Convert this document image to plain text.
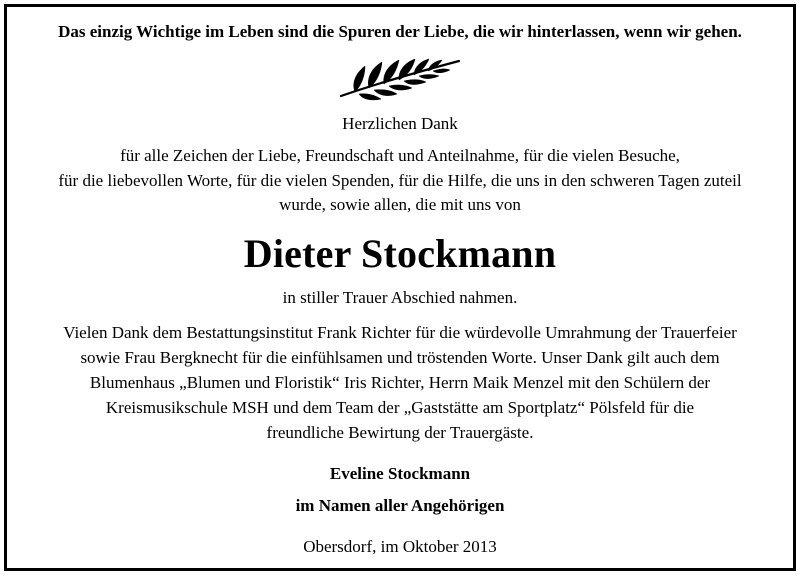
Das einzig Wichtige im Leben sind die Spuren der Liebe, die wir hinterlassen, wenn wir gehen.
Herzlichen Dank
für alle Zeichen der Liebe, Freundschaft und Anteilnahme, für die vielen Besuche,
für die liebevollen Worte, für die vielen Spenden, für die Hilfe, die uns in den schweren Tagen zuteil
wurde, sowie allen, die mit uns von
Dieter Stockmann
in stiller Trauer Abschied nahmen.
Vielen Dank dem Bestattungsinstitut Frank Richter für die würdevolle Umrahmung der Trauerfeier
sowie Frau Bergknecht für die einfühlsamen und tröstenden Worte. Unser Dank gilt auch dem
Blumenhaus „Blumen und Floristik“ Iris Richter, Herrn Maik Menzel mit den Schülern der
Kreismusikschule MSH und dem Team der „Gaststätte am Sportplatz“ Pölsfeld für die
freundliche Bewirtung der Trauergäste.
Eveline Stockmann
im Namen aller Angehörigen
Obersdorf, im Oktober 2013
